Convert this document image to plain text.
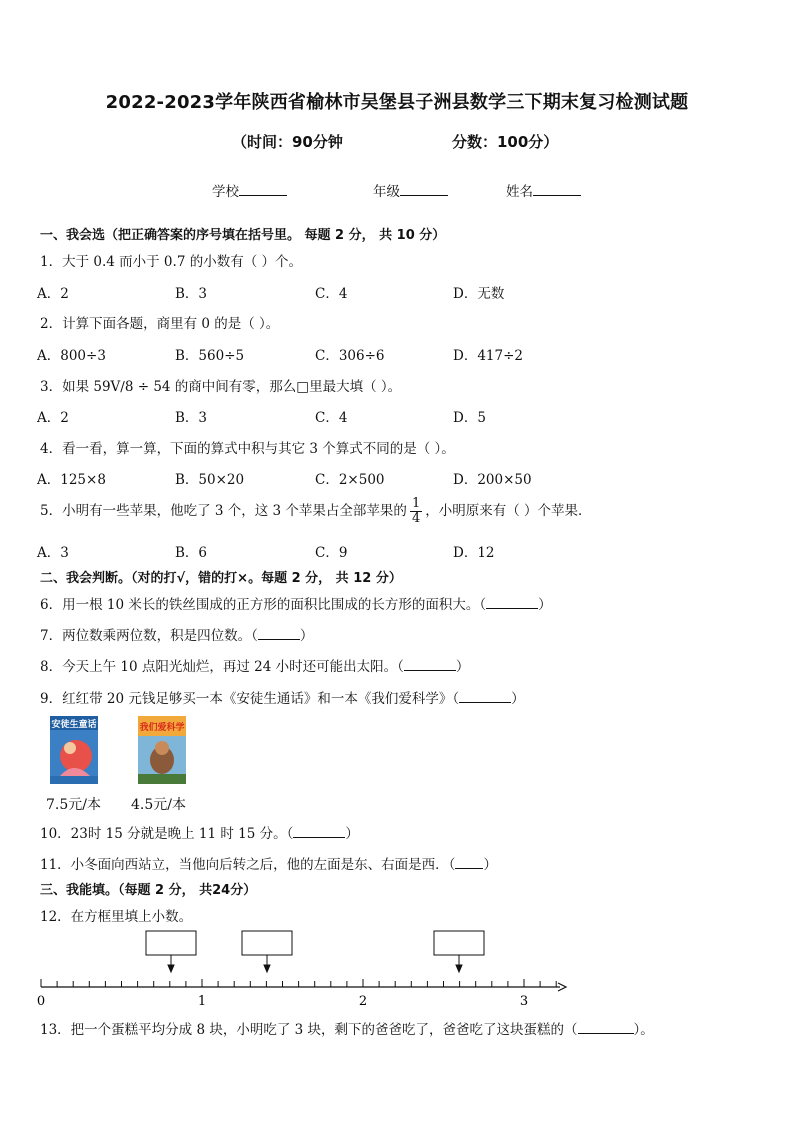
2022-2023学年陕西省榆林市吴堡县子洲县数学三下期末复习检测试题
（时间：90分钟	分数：100分）
学校	年级	姓名
一、我会选（把正确答案的序号填在括号里。 每题 2 分， 共 10 分）
1．大于 0.4 而小于 0.7 的小数有（ ）个。
A．2	B．3	C．4	D．无数
2．计算下面各题，商里有 0 的是（ ）。
A．800÷3	B．560÷5	C．306÷6	D．417÷2
3．如果 59V∕8 ÷ 54 的商中间有零，那么□里最大填（ ）。
A．2	B．3	C．4	D．5
4．看一看，算一算，下面的算式中积与其它 3 个算式不同的是（ ）。
A．125×8	B．50×20	C．2×500	D．200×50
5．小明有一些苹果，他吃了 3 个，这 3 个苹果占全部苹果的 $\frac{1}{4}$ ，小明原来有（ ）个苹果．
A．3	B．6	C．9	D．12
二、我会判断。（对的打√，错的打×。每题 2 分， 共 12 分）
6．用一根 10 米长的铁丝围成的正方形的面积比围成的长方形的面积大。（	）
7．两位数乘两位数，积是四位数。（	）
8．今天上午 10 点阳光灿烂，再过 24 小时还可能出太阳。（	）
9．红红带 20 元钱足够买一本《安徒生通话》和一本《我们爱科学》（	）
安徒生童话	我们爱科学
7.5元/本 4.5元/本
10．23时 15 分就是晚上 11 时 15 分。（	）
11．小冬面向西站立，当他向后转之后，他的左面是东、右面是西．（ ）
三、我能填。（每题 2 分， 共24分）
12．在方框里填上小数。
0	1	2	3
13．把一个蛋糕平均分成 8 块，小明吃了 3 块，剩下的爸爸吃了，爸爸吃了这块蛋糕的（	）。
